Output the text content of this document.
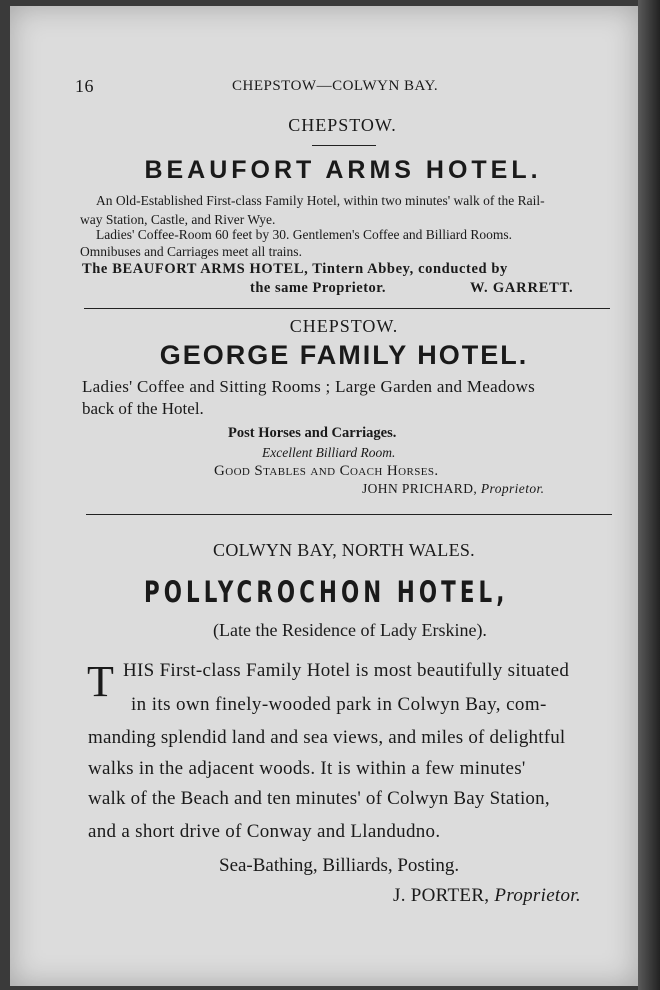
16	CHEPSTOW—COLWYN BAY.
CHEPSTOW.
BEAUFORT ARMS HOTEL.
An Old-Established First-class Family Hotel, within two minutes' walk of the Rail-
way Station, Castle, and River Wye.
Ladies' Coffee-Room 60 feet by 30. Gentlemen's Coffee and Billiard Rooms.
Omnibuses and Carriages meet all trains.
The BEAUFORT ARMS HOTEL, Tintern Abbey, conducted by
the same Proprietor.	W. GARRETT.
CHEPSTOW.
GEORGE FAMILY HOTEL.
Ladies' Coffee and Sitting Rooms ; Large Garden and Meadows
back of the Hotel.
Post Horses and Carriages.
Excellent Billiard Room.
Good Stables and Coach Horses.
JOHN PRICHARD, Proprietor.
COLWYN BAY, NORTH WALES.
POLLYCROCHON HOTEL,
(Late the Residence of Lady Erskine).
T HIS First-class Family Hotel is most beautifully situated
in its own finely-wooded park in Colwyn Bay, com-
manding splendid land and sea views, and miles of delightful
walks in the adjacent woods. It is within a few minutes'
walk of the Beach and ten minutes' of Colwyn Bay Station,
and a short drive of Conway and Llandudno.
Sea-Bathing, Billiards, Posting.
J. PORTER, Proprietor.
